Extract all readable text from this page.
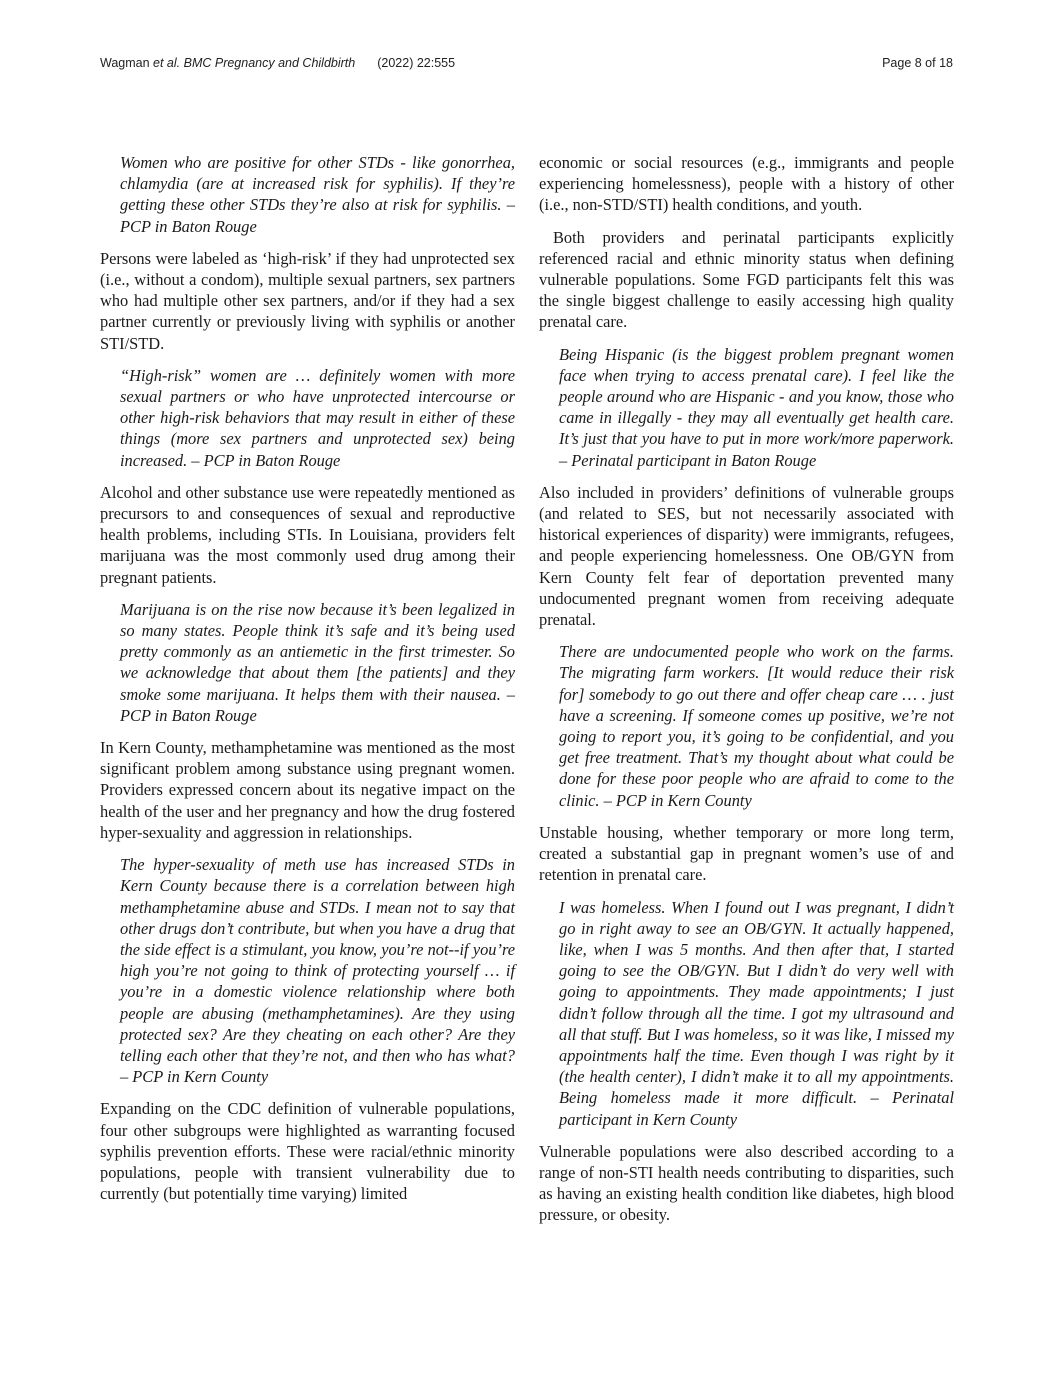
Wagman et al. BMC Pregnancy and Childbirth (2022) 22:555	Page 8 of 18
Women who are positive for other STDs - like gonorrhea, chlamydia (are at increased risk for syphilis). If they’re getting these other STDs they’re also at risk for syphilis. – PCP in Baton Rouge

Persons were labeled as ‘high-risk’ if they had unprotected sex (i.e., without a condom), multiple sexual partners, sex partners who had multiple other sex partners, and/or if they had a sex partner currently or previously living with syphilis or another STI/STD.

“High-risk” women are … definitely women with more sexual partners or who have unprotected intercourse or other high-risk behaviors that may result in either of these things (more sex partners and unprotected sex) being increased. – PCP in Baton Rouge

Alcohol and other substance use were repeatedly mentioned as precursors to and consequences of sexual and reproductive health problems, including STIs. In Louisiana, providers felt marijuana was the most commonly used drug among their pregnant patients.

Marijuana is on the rise now because it’s been legalized in so many states. People think it’s safe and it’s being used pretty commonly as an antiemetic in the first trimester. So we acknowledge that about them [the patients] and they smoke some marijuana. It helps them with their nausea. – PCP in Baton Rouge

In Kern County, methamphetamine was mentioned as the most significant problem among substance using pregnant women. Providers expressed concern about its negative impact on the health of the user and her pregnancy and how the drug fostered hyper-sexuality and aggression in relationships.

The hyper-sexuality of meth use has increased STDs in Kern County because there is a correlation between high methamphetamine abuse and STDs. I mean not to say that other drugs don’t contribute, but when you have a drug that the side effect is a stimulant, you know, you’re not--if you’re high you’re not going to think of protecting yourself … if you’re in a domestic violence relationship where both people are abusing (methamphetamines). Are they using protected sex? Are they cheating on each other? Are they telling each other that they’re not, and then who has what? – PCP in Kern County

Expanding on the CDC definition of vulnerable populations, four other subgroups were highlighted as warranting focused syphilis prevention efforts. These were racial/ethnic minority populations, people with transient vulnerability due to currently (but potentially time varying) limited

economic or social resources (e.g., immigrants and people experiencing homelessness), people with a history of other (i.e., non-STD/STI) health conditions, and youth.

Both providers and perinatal participants explicitly referenced racial and ethnic minority status when defining vulnerable populations. Some FGD participants felt this was the single biggest challenge to easily accessing high quality prenatal care.

Being Hispanic (is the biggest problem pregnant women face when trying to access prenatal care). I feel like the people around who are Hispanic - and you know, those who came in illegally - they may all eventually get health care. It’s just that you have to put in more work/more paperwork. – Perinatal participant in Baton Rouge

Also included in providers’ definitions of vulnerable groups (and related to SES, but not necessarily associated with historical experiences of disparity) were immigrants, refugees, and people experiencing homelessness. One OB/GYN from Kern County felt fear of deportation prevented many undocumented pregnant women from receiving adequate prenatal.

There are undocumented people who work on the farms. The migrating farm workers. [It would reduce their risk for] somebody to go out there and offer cheap care … . just have a screening. If someone comes up positive, we’re not going to report you, it’s going to be confidential, and you get free treatment. That’s my thought about what could be done for these poor people who are afraid to come to the clinic. – PCP in Kern County

Unstable housing, whether temporary or more long term, created a substantial gap in pregnant women’s use of and retention in prenatal care.

I was homeless. When I found out I was pregnant, I didn’t go in right away to see an OB/GYN. It actually happened, like, when I was 5 months. And then after that, I started going to see the OB/GYN. But I didn’t do very well with going to appointments. They made appointments; I just didn’t follow through all the time. I got my ultrasound and all that stuff. But I was homeless, so it was like, I missed my appointments half the time. Even though I was right by it (the health center), I didn’t make it to all my appointments. Being homeless made it more difficult. – Perinatal participant in Kern County

Vulnerable populations were also described according to a range of non-STI health needs contributing to disparities, such as having an existing health condition like diabetes, high blood pressure, or obesity.
